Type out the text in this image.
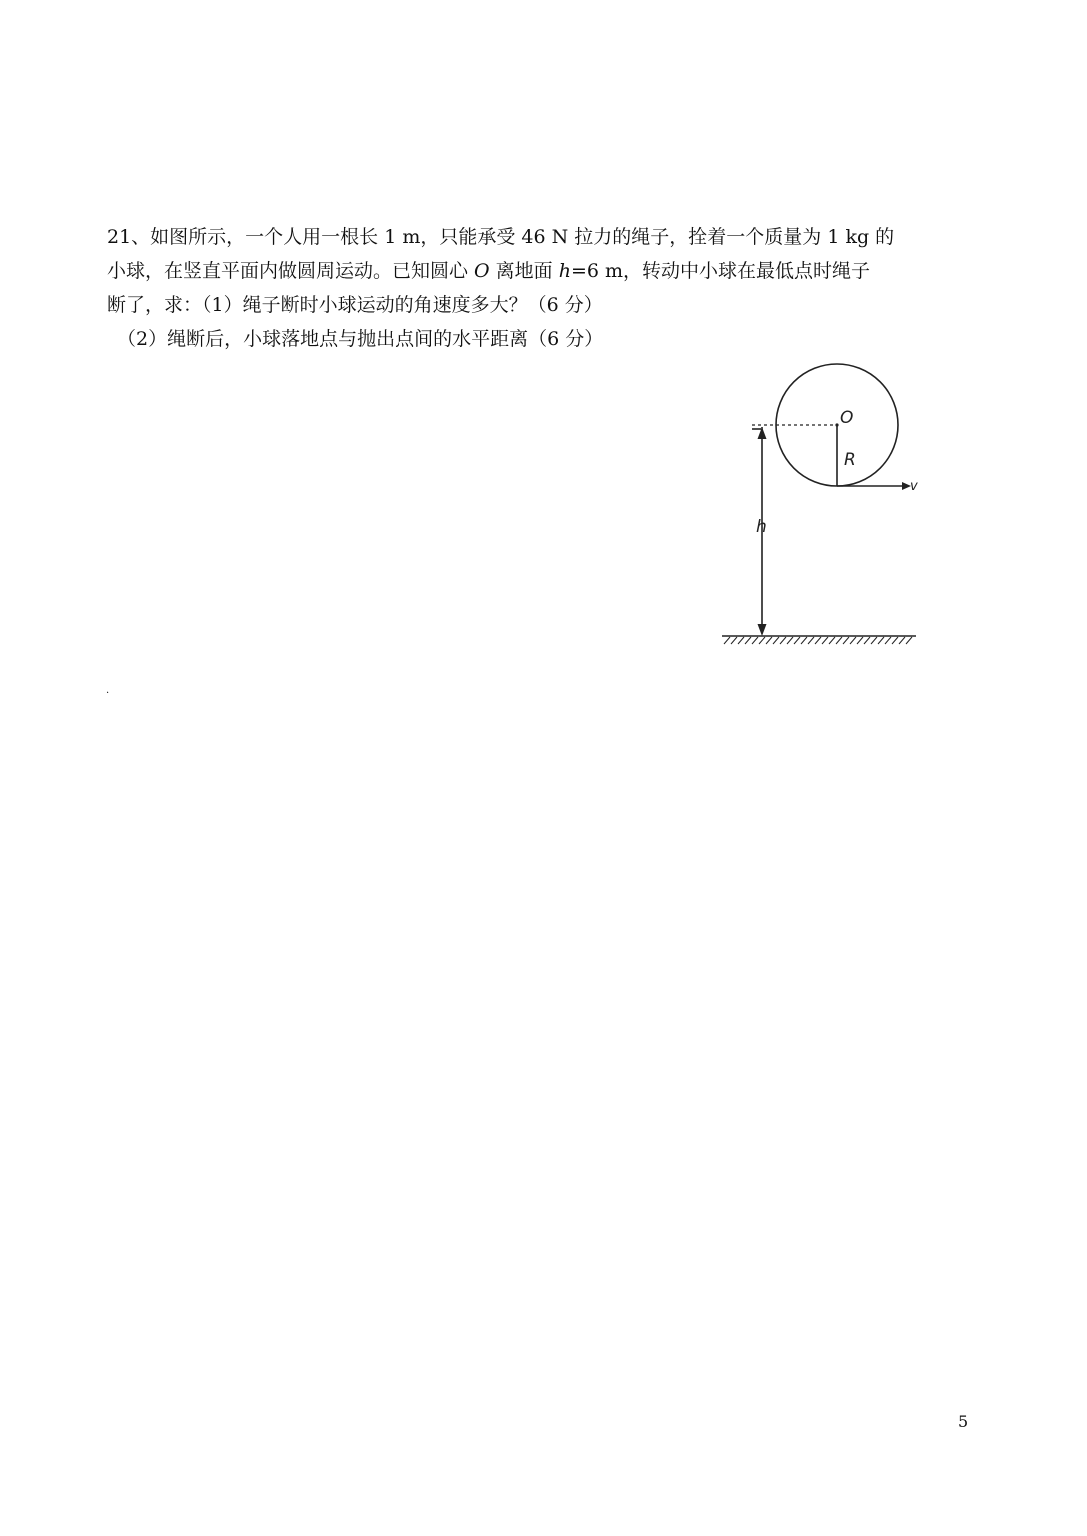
21、如图所示，一个人用一根长 1 m，只能承受 46 N 拉力的绳子，拴着一个质量为 1 kg 的
小球，在竖直平面内做圆周运动。已知圆心 O 离地面 h=6 m，转动中小球在最低点时绳子
断了，求：（1）绳子断时小球运动的角速度多大？（6 分）
（2）绳断后，小球落地点与抛出点间的水平距离（6 分）
O
R
v
h
.
5
